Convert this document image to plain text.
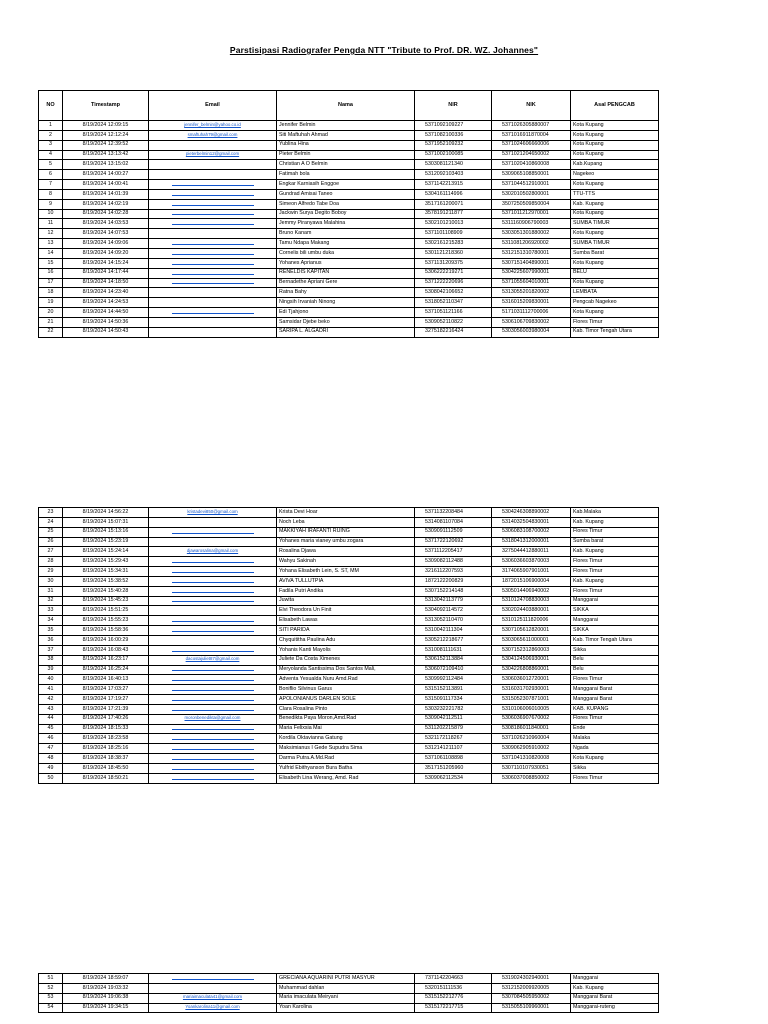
Parstisipasi Radiografer Pengda NTT "Tribute to Prof. DR. WZ. Johannes"
NO	Timestamp	Email	Nama	NIR	NIK	Asal PENGCAB
1	8/19/2024 12:09:15	jennifer_belmin@yahoo.co.id	Jennifer Belmin	5371092109227	5371026305880007	Kota Kupang
2	8/19/2024 12:12:24	smaftuhah79@gmail.com	Siti Maftuhah Ahmad	5371082100336	5371016911870004	Kota Kupang
3	8/19/2024 12:39:52		Yublina Hina	5371952109232	5371024606660006	Kota Kupang
4	8/19/2024 13:13:42	pieterbelmin12@gmail.com	Pieter Belmin	5371002100085	5371021204650002	Kota Kupang
5	8/19/2024 13:15:02		Christian A O Belmin	5303081121340	5371020410860008	Kab.Kupang
6	8/19/2024 14:00:27		Fatimah bola	5312092103403	5309065108850001	Nagekeo
7	8/19/2024 14:00:41		Engkar Karniasih Enggoe	5371142213915	5371044512910001	Kota Kupang
8	8/19/2024 14:01:39		Gundrad Amisai Taneo	5304161114996	5302010502800001	TTU-TTS
9	8/19/2024 14:02:19		Simeon Alfredo Tabe Doa	3517161200071	3507250509850004	Kab. Kupang
10	8/19/2024 14:02:28		Jackwin Surya Degito Boboy	3578191211877	5371011212970001	Kota Kupang
11	8/19/2024 14:03:53		Jemmy Piranyawa Malahina	5302101210013	5311160906790003	SUMBA TIMUR
12	8/19/2024 14:07:53		Bruno Kanam	5371101108909	5303051301880002	Kota Kupang
13	8/19/2024 14:09:06		Tamu Ndapa Makang	5302161215283	5311081206920002	SUMBA TIMUR
14	8/19/2024 14:09:20		Cornelis bili umbu duka	5301121218360	5312151310780001	Sumba Barat
15	8/19/2024 14:15:24		Yohanes Aprianus	5371131209375	5307151404890001	Kota Kupang
16	8/19/2024 14:17:44		RENELDIS KAPITAN	5306222219271	5304225607990001	BELU
17	8/19/2024 14:18:50		Bernadethe Apriani Gere	5371222220696	5371055604010001	Kota Kupang
18	8/19/2024 14:23:40		Ratna Bahy	5308042106652	5313055201820002	LEMBATA
19	8/19/2024 14:24:53		Ningsih Irvaniah Ninong	5318052110347	5316015209830001	Pengcab Nagekeo
20	8/19/2024 14:44:50		Edi Tjahjono	5371051121166	5171031112700006	Kota Kupang
21	8/19/2024 14:50:36		Samsidar Djebe beko	5309052110822	5306106709830002	Flores Timur
22	8/19/2024 14:50:43		SARIPA L. ALGADRI	3275182216424	5303056003980004	Kab. Timor Tengah Utara
23	8/19/2024 14:56:22	kristadevi850@gmail.com	Krista Devi Hoar	5371132208484	5304246308890002	Kab.Malaka
24	8/19/2024 15:07:31		Noch Leba	5314081107084	5314032504830001	Kab. Kupang
25	8/19/2024 15:13:16		MAKKIYAH IRAFANTI RUING	5309091112509	5306083108700002	Flores Timur
26	8/19/2024 15:23:19		Yohanes maria vianey umbu zogara	5371722120692	5318041312000001	Sumba barat
27	8/19/2024 15:24:14	djawarosalina@gmail.com	Rosalina Djawa	5371112205417	3275044412880011	Kab. Kupang
28	8/19/2024 15:29:43		Wahyu Sakinah	5309082112488	5306036603870003	Flores Timur
29	8/19/2024 15:34:31		Yohana Elisabeth Lein, S. ST, MM	3216112207593	3174065907901001	Flores Timur
30	8/19/2024 15:38:52		AVIVA TULLUTPIA	1872122200829	1872015106900004	Kab. Kupang
31	8/19/2024 15:40:28		Fadila Putri Andika	5307152214148	5305014406940002	Flores Timur
32	8/19/2024 15:45:23		Juwita	5313042113779	5310124708830003	Manggarai
33	8/19/2024 15:51:25		Elvi Theodora Un Finit	5304092114572	5302024403880001	SIKKA
34	8/19/2024 15:55:23		Elisabeth Lawas	5313052110470	5310125111820006	Manggarai
35	8/19/2024 15:58:36		SITI PARIDA	5310042111304	5307105612820001	SIKKA
36	8/19/2024 16:00:29		Chyquititha Paulina Adu	5305212218677	5303065611000001	Kab. Timor Tengah Utara
37	8/19/2024 16:08:43		Yohanis Kanti Mayolis	5310081111631	5307152312860003	Sikka
38	8/19/2024 16:23:17	dacostajuliet87@gmail.com	Juliete Da Costa Ximenes	5306152113884	5304124506930001	Belu
39	8/19/2024 16:25:24		Meryolanda Santissima Dos Santos Mali,	5306072109410	5304226808860001	Belu
40	8/19/2024 16:40:13		Adventa Yesualda Nuru Amd.Rad	5309992112484	5306036012720001	Flores Timur
41	8/19/2024 17:03:27		Boniflio Silvinus Garus	5315152113891	5316031702930001	Manggarai Barat
42	8/19/2024 17:19:27		APOLONIANUS DARLEN SOLE	5315091117334	5315052307871001	Manggarai Barat
43	8/19/2024 17:21:39		Clara Rosalina Pinto	5303232221782	5310106006010005	KAB. KUPANG
44	8/19/2024 17:40:26	moronbenedikta@gmail.com	Benedikta Paya Moron,Amd.Rad	5309042112511	5306036907670002	Flores Timur
45	8/19/2024 18:15:33		Maria Felixsia Mai	5311202215879	5308186011840001	Ende
46	8/19/2024 18:23:58		Kordila Oktavianna Gatung	5321172118267	5371026210960004	Malaka
47	8/19/2024 18:25:16		Maksimianus I Gede Supudra Sima	5312141211107	5309062905910002	Ngada
48	8/19/2024 18:38:37		Darma Putra.A.Md.Rad	5371061108898	5371041310820008	Kota Kupang
49	8/19/2024 18:45:50		Yulfrid Ebithyanson Bura Batha	3517151205960	5307110107930051	Sikka
50	8/19/2024 18:50:21		Elisabeth Lina Werang, Amd. Rad	5309062112534	5306037008850002	Flores Timur
51	8/19/2024 18:59:07		GRECIANA AQUARINI PUTRI MASYUR	7371142204663	5319024302940001	Manggarai
52	8/19/2024 19:03:32		Muhammad dahlan	5320151111536	5312152009920005	Kab. Kupang
53	8/19/2024 19:06:38	mariaimaculata41@gmail.com	Maria imaculata Meiryani	5315152212776	5307084505950002	Manggarai Barat
54	8/19/2024 19:34:15	Yoankarolina11@gmail.com	Yoan Karolina	5315172217715	5315055109960001	Manggarai-ruteng
